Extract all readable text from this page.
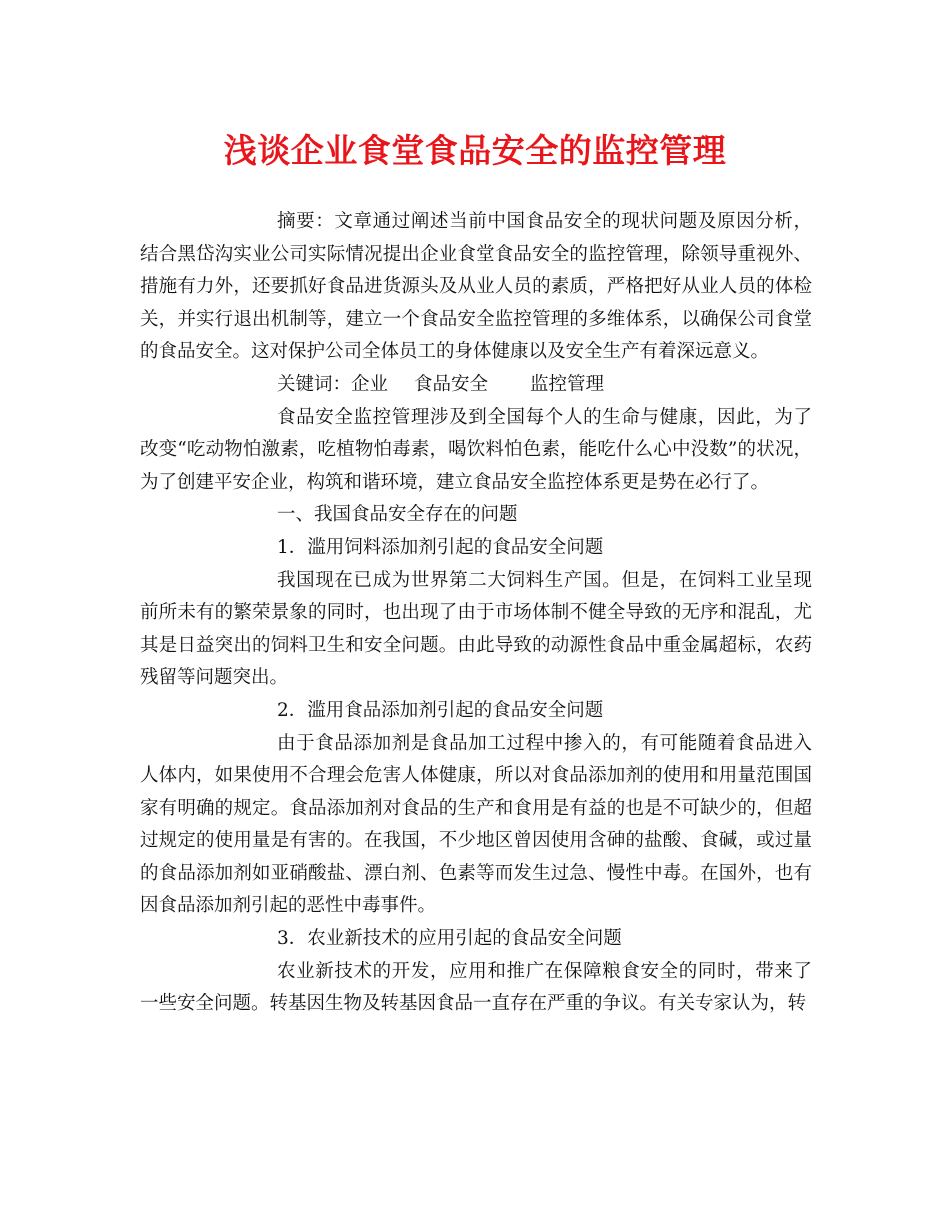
浅谈企业食堂食品安全的监控管理

摘要：文章通过阐述当前中国食品安全的现状问题及原因分析，结合黑岱沟实业公司实际情况提出企业食堂食品安全的监控管理，除领导重视外、措施有力外，还要抓好食品进货源头及从业人员的素质，严格把好从业人员的体检关，并实行退出机制等，建立一个食品安全监控管理的多维体系，以确保公司食堂的食品安全。这对保护公司全体员工的身体健康以及安全生产有着深远意义。

关键词：企业 食品安全 监控管理

食品安全监控管理涉及到全国每个人的生命与健康，因此，为了改变“吃动物怕激素，吃植物怕毒素，喝饮料怕色素，能吃什么心中没数”的状况，为了创建平安企业，构筑和谐环境，建立食品安全监控体系更是势在必行了。

一、我国食品安全存在的问题

1．滥用饲料添加剂引起的食品安全问题

我国现在已成为世界第二大饲料生产国。但是，在饲料工业呈现前所未有的繁荣景象的同时，也出现了由于市场体制不健全导致的无序和混乱，尤其是日益突出的饲料卫生和安全问题。由此导致的动源性食品中重金属超标，农药残留等问题突出。

2．滥用食品添加剂引起的食品安全问题

由于食品添加剂是食品加工过程中掺入的，有可能随着食品进入人体内，如果使用不合理会危害人体健康，所以对食品添加剂的使用和用量范围国家有明确的规定。食品添加剂对食品的生产和食用是有益的也是不可缺少的，但超过规定的使用量是有害的。在我国，不少地区曾因使用含砷的盐酸、食碱，或过量的食品添加剂如亚硝酸盐、漂白剂、色素等而发生过急、慢性中毒。在国外，也有因食品添加剂引起的恶性中毒事件。

3．农业新技术的应用引起的食品安全问题

农业新技术的开发，应用和推广在保障粮食安全的同时，带来了一些安全问题。转基因生物及转基因食品一直存在严重的争议。有关专家认为，转
